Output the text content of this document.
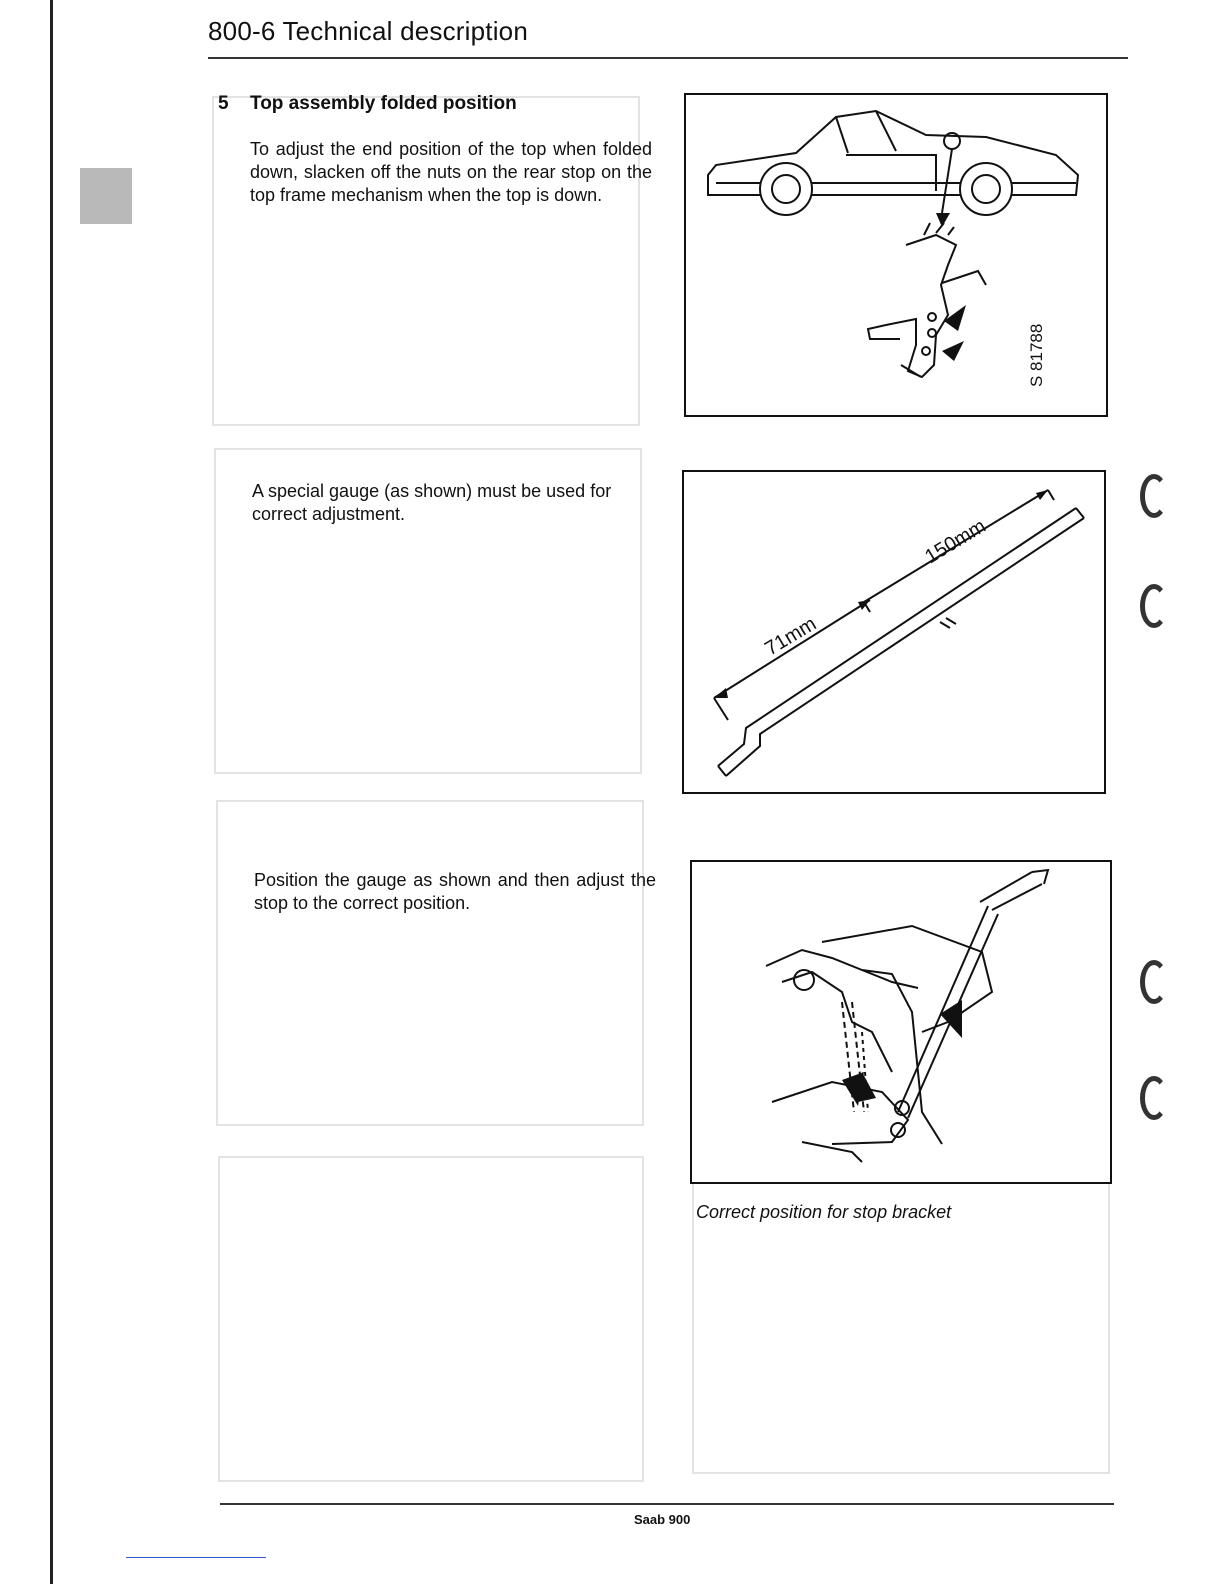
800-6 Technical description
5 Top assembly folded position
To adjust the end position of the top when folded down, slacken off the nuts on the rear stop on the top frame mechanism when the top is down.
A special gauge (as shown) must be used for correct adjustment.
Position the gauge as shown and then adjust the stop to the correct position.
S 81788
150mm
71mm
Correct position for stop bracket
Saab 900
